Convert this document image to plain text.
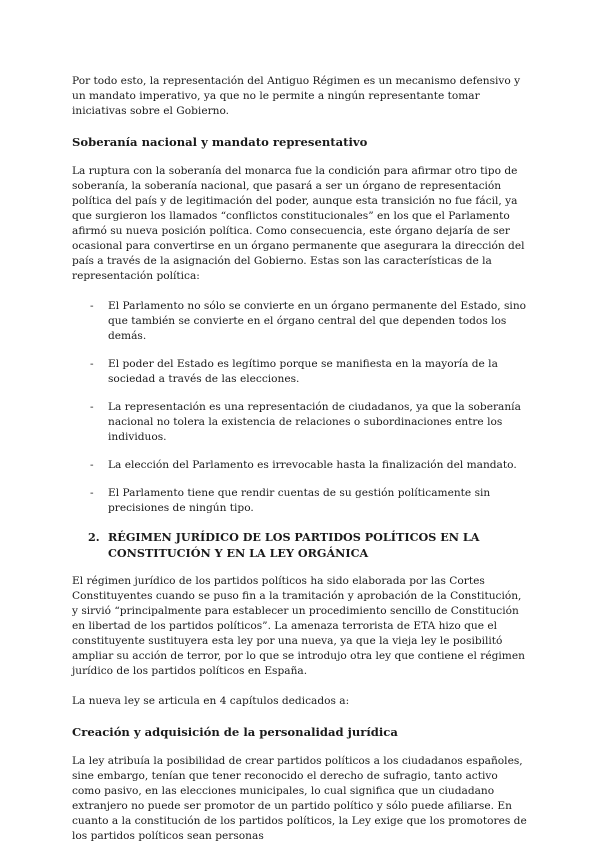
Por todo esto, la representación del Antiguo Régimen es un mecanismo defensivo y un mandato imperativo, ya que no le permite a ningún representante tomar iniciativas sobre el Gobierno.

Soberanía nacional y mandato representativo

La ruptura con la soberanía del monarca fue la condición para afirmar otro tipo de soberanía, la soberanía nacional, que pasará a ser un órgano de representación política del país y de legitimación del poder, aunque esta transición no fue fácil, ya que surgieron los llamados “conflictos constitucionales” en los que el Parlamento afirmó su nueva posición política. Como consecuencia, este órgano dejaría de ser ocasional para convertirse en un órgano permanente que asegurara la dirección del país a través de la asignación del Gobierno. Estas son las características de la representación política:

- El Parlamento no sólo se convierte en un órgano permanente del Estado, sino que también se convierte en el órgano central del que dependen todos los demás.
- El poder del Estado es legítimo porque se manifiesta en la mayoría de la sociedad a través de las elecciones.
- La representación es una representación de ciudadanos, ya que la soberanía nacional no tolera la existencia de relaciones o subordinaciones entre los individuos.
- La elección del Parlamento es irrevocable hasta la finalización del mandato.
- El Parlamento tiene que rendir cuentas de su gestión políticamente sin precisiones de ningún tipo.
2. RÉGIMEN JURÍDICO DE LOS PARTIDOS POLÍTICOS EN LA CONSTITUCIÓN Y EN LA LEY ORGÁNICA

El régimen jurídico de los partidos políticos ha sido elaborada por las Cortes Constituyentes cuando se puso fin a la tramitación y aprobación de la Constitución, y sirvió “principalmente para establecer un procedimiento sencillo de Constitución en libertad de los partidos políticos”. La amenaza terrorista de ETA hizo que el constituyente sustituyera esta ley por una nueva, ya que la vieja ley le posibilitó ampliar su acción de terror, por lo que se introdujo otra ley que contiene el régimen jurídico de los partidos políticos en España.

La nueva ley se articula en 4 capítulos dedicados a:

Creación y adquisición de la personalidad jurídica

La ley atribuía la posibilidad de crear partidos políticos a los ciudadanos españoles, sine embargo, tenían que tener reconocido el derecho de sufragio, tanto activo como pasivo, en las elecciones municipales, lo cual significa que un ciudadano extranjero no puede ser promotor de un partido político y sólo puede afiliarse. En cuanto a la constitución de los partidos políticos, la Ley exige que los promotores de los partidos políticos sean personas
